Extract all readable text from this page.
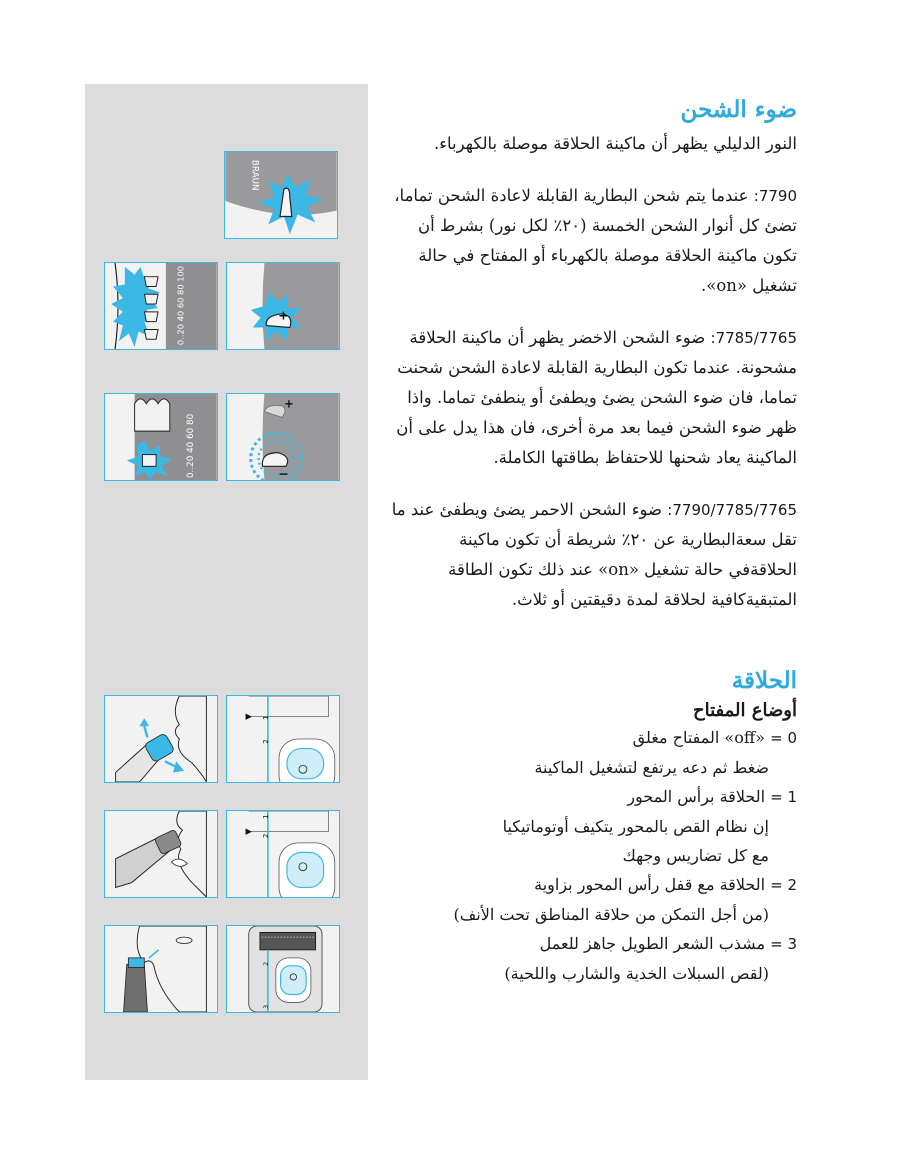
BRAUN
0..20 40 60 80 100	+
0..20 40 60 80
+
−
1
2
1
2
2
3
ضوء الشحن

النور الدليلي يظهر أن ماكينة الحلاقة موصلة بالكهرباء.

7790: عندما يتم شحن البطارية القابلة لاعادة الشحن تماما، تضئ كل أنوار الشحن الخمسة (٢٠٪ لكل نور) بشرط أن تكون ماكينة الحلاقة موصلة بالكهرباء أو المفتاح في حالة تشغيل «on».

7785/7765: ضوء الشحن الاخضر يظهر أن ماكينة الحلاقة مشحونة. عندما تكون البطارية القابلة لاعادة الشحن شحنت تماما، فان ضوء الشحن يضئ ويطفئ أو ينطفئ تماما. واذا ظهر ضوء الشحن فيما بعد مرة أخرى، فان هذا يدل على أن الماكينة يعاد شحنها للاحتفاظ بطاقتها الكاملة.

7790/7785/7765: ضوء الشحن الاحمر يضئ ويطفئ عند ما تقل سعةالبطارية عن ٢٠٪ شريطة أن تكون ماكينة الحلاقةفي حالة تشغيل «on» عند ذلك تكون الطاقة المتبقيةكافية لحلاقة لمدة دقيقتين أو ثلاث.

الحلاقة
أوضاع المفتاح
0 = «off» المفتاح مغلق
ضغط ثم دعه يرتفع لتشغيل الماكينة
1 = الحلاقة برأس المحور
إن نظام القص بالمحور يتكيف أوتوماتيكيا
مع كل تضاريس وجهك
2 = الحلاقة مع قفل رأس المحور بزاوية
(من أجل التمكن من حلاقة المناطق تحت الأنف)
3 = مشذب الشعر الطويل جاهز للعمل
(لقص السبلات الخدية والشارب واللحية)
